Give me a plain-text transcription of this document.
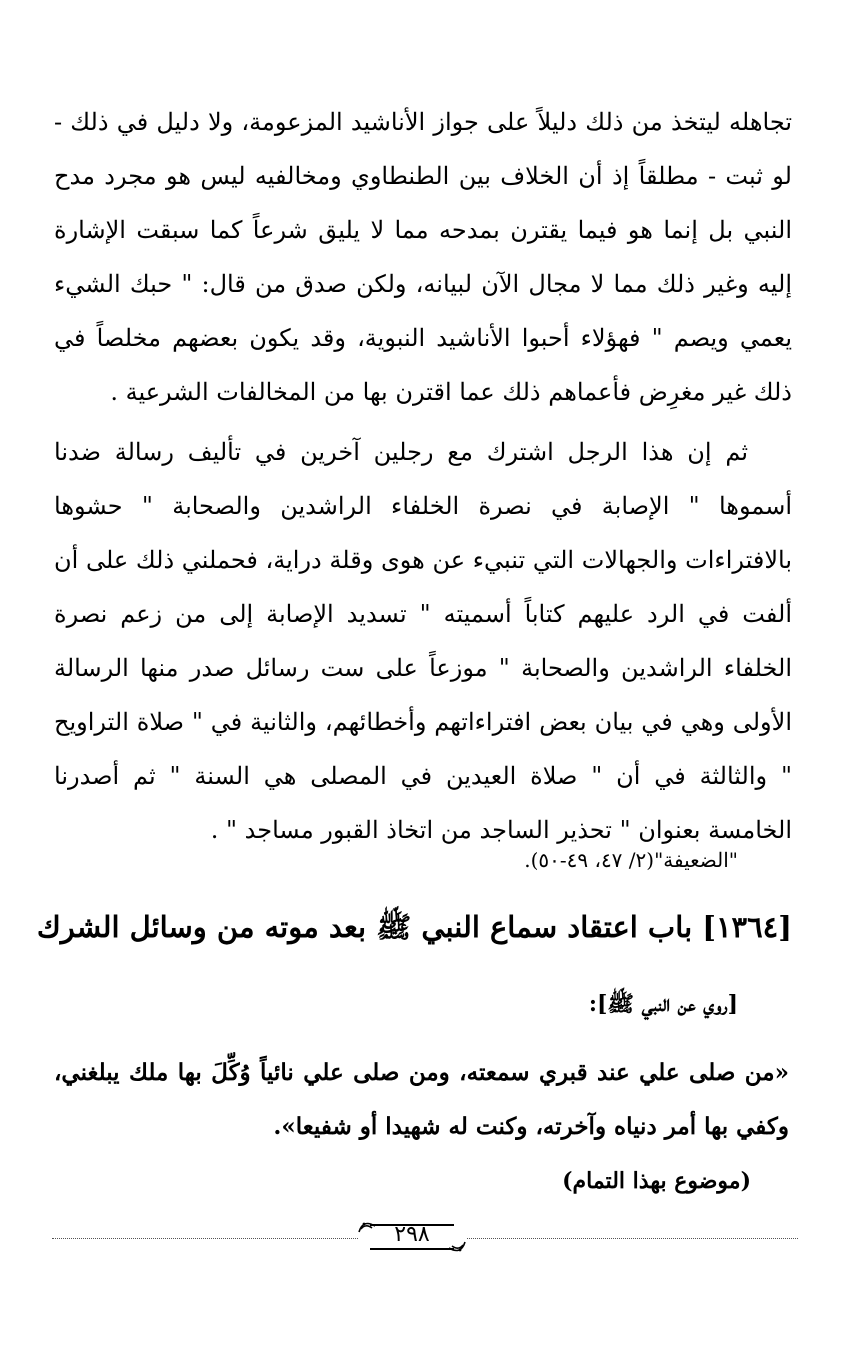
تجاهله ليتخذ من ذلك دليلاً على جواز الأناشيد المزعومة، ولا دليل في ذلك - لو ثبت - مطلقاً إذ أن الخلاف بين الطنطاوي ومخالفيه ليس هو مجرد مدح النبي بل إنما هو فيما يقترن بمدحه مما لا يليق شرعاً كما سبقت الإشارة إليه وغير ذلك مما لا مجال الآن لبيانه، ولكن صدق من قال: " حبك الشيء يعمي ويصم " فهؤلاء أحبوا الأناشيد النبوية، وقد يكون بعضهم مخلصاً في ذلك غير مغرِض فأعماهم ذلك عما اقترن بها من المخالفات الشرعية .

ثم إن هذا الرجل اشترك مع رجلين آخرين في تأليف رسالة ضدنا أسموها " الإصابة في نصرة الخلفاء الراشدين والصحابة " حشوها بالافتراءات والجهالات التي تنبيء عن هوى وقلة دراية، فحملني ذلك على أن ألفت في الرد عليهم كتاباً أسميته " تسديد الإصابة إلى من زعم نصرة الخلفاء الراشدين والصحابة " موزعاً على ست رسائل صدر منها الرسالة الأولى وهي في بيان بعض افتراءاتهم وأخطائهم، والثانية في " صلاة التراويح " والثالثة في أن " صلاة العيدين في المصلى هي السنة " ثم أصدرنا الخامسة بعنوان " تحذير الساجد من اتخاذ القبور مساجد " .

"الضعيفة"(٢/ ٤٧، ٤٩-٥٠).

[١٣٦٤] باب اعتقاد سماع النبي ﷺ بعد موته من وسائل الشرك

[روي عن النبي ﷺ]:

«من صلى علي عند قبري سمعته، ومن صلى علي نائياً وُكِّلَ بها ملك يبلغني، وكفي بها أمر دنياه وآخرته، وكنت له شهيدا أو شفيعا».

(موضوع بهذا التمام)

٢٩٨
